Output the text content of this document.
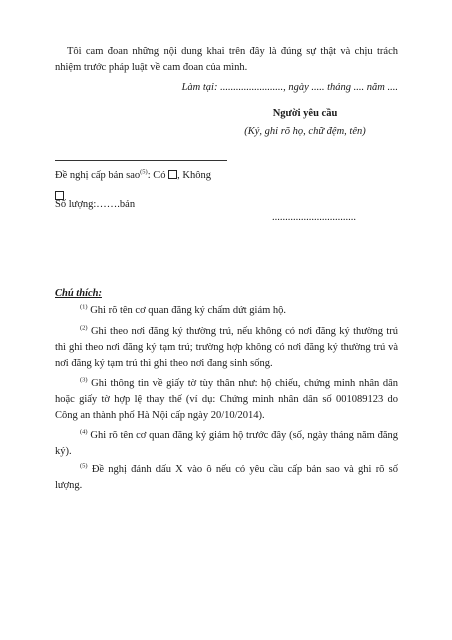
Tôi cam đoan những nội dung khai trên đây là đúng sự thật và chịu trách nhiệm trước pháp luật về cam đoan của mình.
Làm tại: ........................, ngày ..... tháng .... năm ....
Người yêu cầu
(Ký, ghi rõ họ, chữ đệm, tên)
Đề nghị cấp bản sao$^{(5)}$: Có , Không
Số lượng:…….bản
................................
Chú thích:
$^{(1)}$ Ghi rõ tên cơ quan đăng ký chấm dứt giám hộ.
$^{(2)}$ Ghi theo nơi đăng ký thường trú, nếu không có nơi đăng ký thường trú thì ghi theo nơi đăng ký tạm trú; trường hợp không có nơi đăng ký thường trú và nơi đăng ký tạm trú thì ghi theo nơi đang sinh sống.
$^{(3)}$ Ghi thông tin về giấy tờ tùy thân như: hộ chiếu, chứng minh nhân dân hoặc giấy tờ hợp lệ thay thế (ví dụ: Chứng minh nhân dân số 001089123 do Công an thành phố Hà Nội cấp ngày 20/10/2014).
$^{(4)}$ Ghi rõ tên cơ quan đăng ký giám hộ trước đây (số, ngày tháng năm đăng ký).
$^{(5)}$ Đề nghị đánh dấu X vào ô nếu có yêu cầu cấp bản sao và ghi rõ số lượng.
